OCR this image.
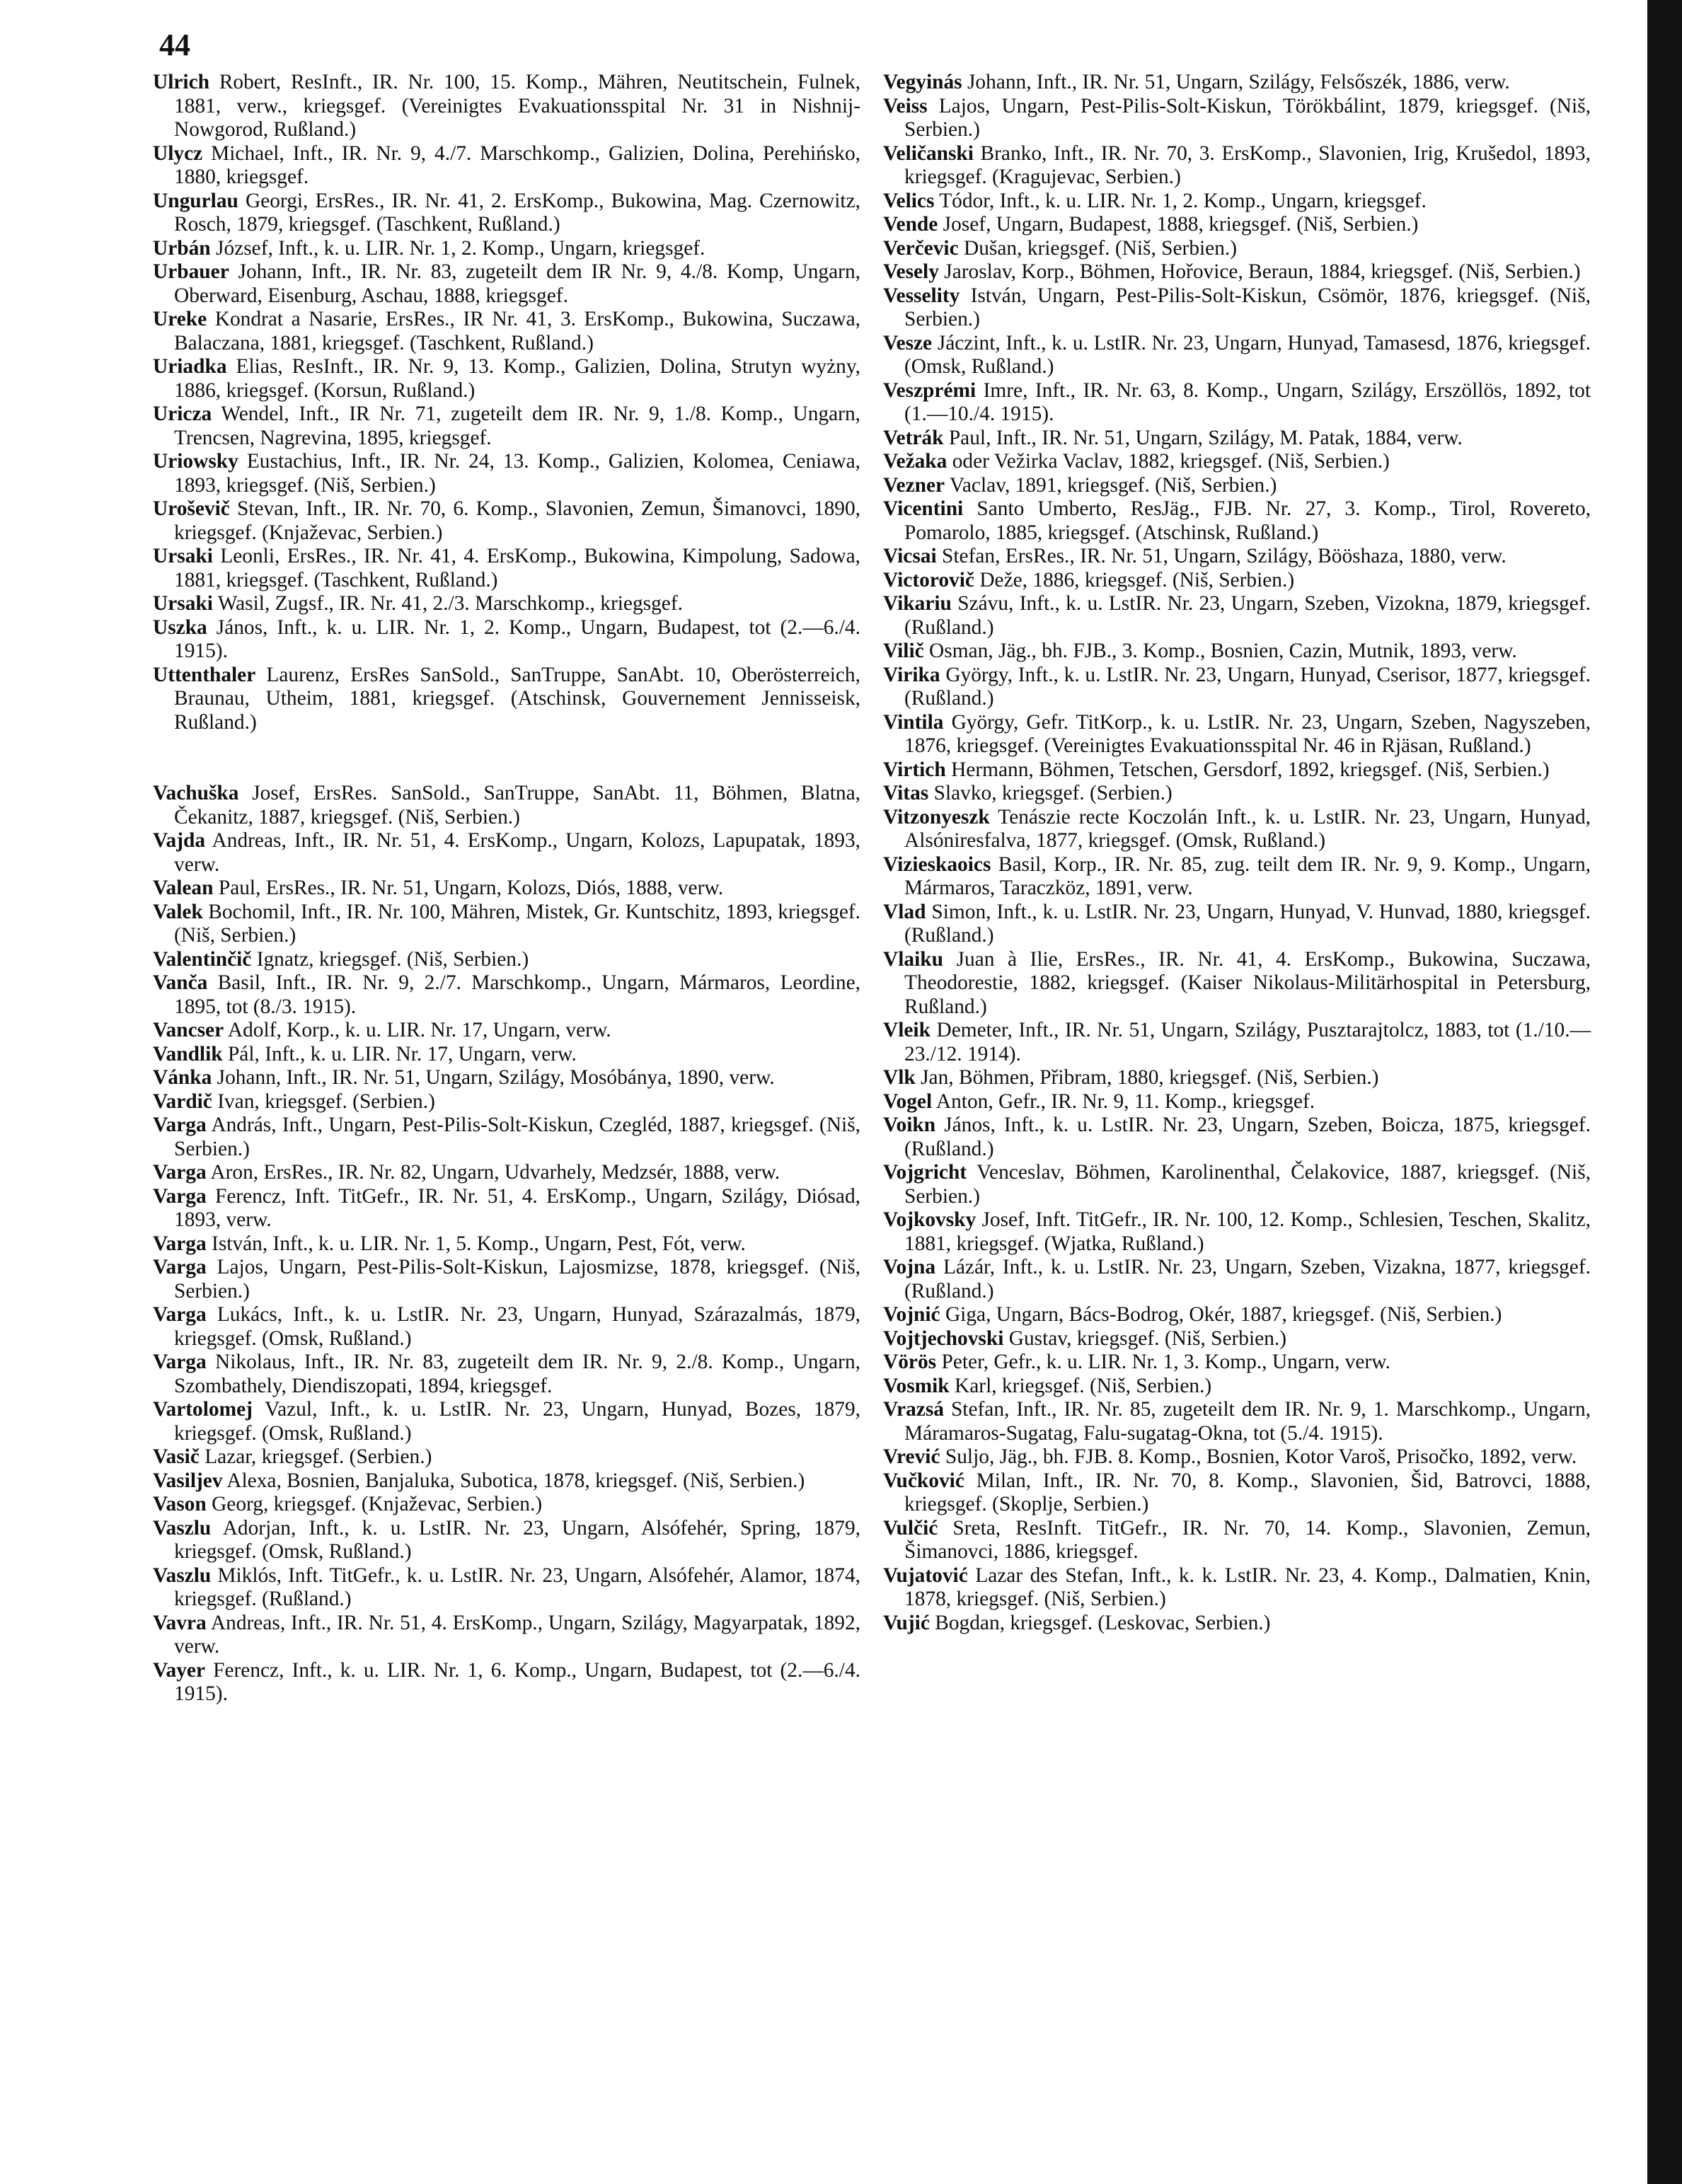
44

Ulrich Robert, ResInft., IR. Nr. 100, 15. Komp., Mähren, Neutitschein, Fulnek, 1881, verw., kriegsgef. (Vereinigtes Evakuationsspital Nr. 31 in Nishnij-Nowgorod, Rußland.)

Ulycz Michael, Inft., IR. Nr. 9, 4./7. Marschkomp., Galizien, Dolina, Perehińsko, 1880, kriegsgef.

Ungurlau Georgi, ErsRes., IR. Nr. 41, 2. ErsKomp., Bukowina, Mag. Czernowitz, Rosch, 1879, kriegsgef. (Taschkent, Rußland.)

Urbán József, Inft., k. u. LIR. Nr. 1, 2. Komp., Ungarn, kriegsgef.

Urbauer Johann, Inft., IR. Nr. 83, zugeteilt dem IR Nr. 9, 4./8. Komp, Ungarn, Oberward, Eisenburg, Aschau, 1888, kriegsgef.

Ureke Kondrat a Nasarie, ErsRes., IR Nr. 41, 3. ErsKomp., Bukowina, Suczawa, Balaczana, 1881, kriegsgef. (Taschkent, Rußland.)

Uriadka Elias, ResInft., IR. Nr. 9, 13. Komp., Galizien, Dolina, Strutyn wyżny, 1886, kriegsgef. (Korsun, Rußland.)

Uricza Wendel, Inft., IR Nr. 71, zugeteilt dem IR. Nr. 9, 1./8. Komp., Ungarn, Trencsen, Nagrevina, 1895, kriegsgef.

Uriowsky Eustachius, Inft., IR. Nr. 24, 13. Komp., Galizien, Kolomea, Ceniawa, 1893, kriegsgef. (Niš, Serbien.)

Uroševič Stevan, Inft., IR. Nr. 70, 6. Komp., Slavonien, Zemun, Šimanovci, 1890, kriegsgef. (Knjaževac, Serbien.)

Ursaki Leonli, ErsRes., IR. Nr. 41, 4. ErsKomp., Bukowina, Kimpolung, Sadowa, 1881, kriegsgef. (Taschkent, Rußland.)

Ursaki Wasil, Zugsf., IR. Nr. 41, 2./3. Marschkomp., kriegsgef.

Uszka János, Inft., k. u. LIR. Nr. 1, 2. Komp., Ungarn, Budapest, tot (2.—6./4. 1915).

Uttenthaler Laurenz, ErsRes SanSold., SanTruppe, SanAbt. 10, Oberösterreich, Braunau, Utheim, 1881, kriegsgef. (Atschinsk, Gouvernement Jennisseisk, Rußland.)

Vachuška Josef, ErsRes. SanSold., SanTruppe, SanAbt. 11, Böhmen, Blatna, Čekanitz, 1887, kriegsgef. (Niš, Serbien.)

Vajda Andreas, Inft., IR. Nr. 51, 4. ErsKomp., Ungarn, Kolozs, Lapupatak, 1893, verw.

Valean Paul, ErsRes., IR. Nr. 51, Ungarn, Kolozs, Diós, 1888, verw.

Valek Bochomil, Inft., IR. Nr. 100, Mähren, Mistek, Gr. Kuntschitz, 1893, kriegsgef. (Niš, Serbien.)

Valentinčič Ignatz, kriegsgef. (Niš, Serbien.)

Vanča Basil, Inft., IR. Nr. 9, 2./7. Marschkomp., Ungarn, Mármaros, Leordine, 1895, tot (8./3. 1915).

Vancser Adolf, Korp., k. u. LIR. Nr. 17, Ungarn, verw.

Vandlik Pál, Inft., k. u. LIR. Nr. 17, Ungarn, verw.

Vánka Johann, Inft., IR. Nr. 51, Ungarn, Szilágy, Mosóbánya, 1890, verw.

Vardič Ivan, kriegsgef. (Serbien.)

Varga András, Inft., Ungarn, Pest-Pilis-Solt-Kiskun, Czegléd, 1887, kriegsgef. (Niš, Serbien.)

Varga Aron, ErsRes., IR. Nr. 82, Ungarn, Udvarhely, Medzsér, 1888, verw.

Varga Ferencz, Inft. TitGefr., IR. Nr. 51, 4. ErsKomp., Ungarn, Szilágy, Diósad, 1893, verw.

Varga István, Inft., k. u. LIR. Nr. 1, 5. Komp., Ungarn, Pest, Fót, verw.

Varga Lajos, Ungarn, Pest-Pilis-Solt-Kiskun, Lajosmizse, 1878, kriegsgef. (Niš, Serbien.)

Varga Lukács, Inft., k. u. LstIR. Nr. 23, Ungarn, Hunyad, Szárazalmás, 1879, kriegsgef. (Omsk, Rußland.)

Varga Nikolaus, Inft., IR. Nr. 83, zugeteilt dem IR. Nr. 9, 2./8. Komp., Ungarn, Szombathely, Diendiszopati, 1894, kriegsgef.

Vartolomej Vazul, Inft., k. u. LstIR. Nr. 23, Ungarn, Hunyad, Bozes, 1879, kriegsgef. (Omsk, Rußland.)

Vasič Lazar, kriegsgef. (Serbien.)

Vasiljev Alexa, Bosnien, Banjaluka, Subotica, 1878, kriegsgef. (Niš, Serbien.)

Vason Georg, kriegsgef. (Knjaževac, Serbien.)

Vaszlu Adorjan, Inft., k. u. LstIR. Nr. 23, Ungarn, Alsófehér, Spring, 1879, kriegsgef. (Omsk, Rußland.)

Vaszlu Miklós, Inft. TitGefr., k. u. LstIR. Nr. 23, Ungarn, Alsófehér, Alamor, 1874, kriegsgef. (Rußland.)

Vavra Andreas, Inft., IR. Nr. 51, 4. ErsKomp., Ungarn, Szilágy, Magyarpatak, 1892, verw.

Vayer Ferencz, Inft., k. u. LIR. Nr. 1, 6. Komp., Ungarn, Budapest, tot (2.—6./4. 1915).

Vegyinás Johann, Inft., IR. Nr. 51, Ungarn, Szilágy, Felsőszék, 1886, verw.

Veiss Lajos, Ungarn, Pest-Pilis-Solt-Kiskun, Törökbálint, 1879, kriegsgef. (Niš, Serbien.)

Veličanski Branko, Inft., IR. Nr. 70, 3. ErsKomp., Slavonien, Irig, Krušedol, 1893, kriegsgef. (Kragujevac, Serbien.)

Velics Tódor, Inft., k. u. LIR. Nr. 1, 2. Komp., Ungarn, kriegsgef.

Vende Josef, Ungarn, Budapest, 1888, kriegsgef. (Niš, Serbien.)

Verčevic Dušan, kriegsgef. (Niš, Serbien.)

Vesely Jaroslav, Korp., Böhmen, Hořovice, Beraun, 1884, kriegsgef. (Niš, Serbien.)

Vesselity István, Ungarn, Pest-Pilis-Solt-Kiskun, Csömör, 1876, kriegsgef. (Niš, Serbien.)

Vesze Jáczint, Inft., k. u. LstIR. Nr. 23, Ungarn, Hunyad, Tamasesd, 1876, kriegsgef. (Omsk, Rußland.)

Veszprémi Imre, Inft., IR. Nr. 63, 8. Komp., Ungarn, Szilágy, Erszöllös, 1892, tot (1.—10./4. 1915).

Vetrák Paul, Inft., IR. Nr. 51, Ungarn, Szilágy, M. Patak, 1884, verw.

Vežaka oder Vežirka Vaclav, 1882, kriegsgef. (Niš, Serbien.)

Vezner Vaclav, 1891, kriegsgef. (Niš, Serbien.)

Vicentini Santo Umberto, ResJäg., FJB. Nr. 27, 3. Komp., Tirol, Rovereto, Pomarolo, 1885, kriegsgef. (Atschinsk, Rußland.)

Vicsai Stefan, ErsRes., IR. Nr. 51, Ungarn, Szilágy, Bööshaza, 1880, verw.

Victorovič Deže, 1886, kriegsgef. (Niš, Serbien.)

Vikariu Szávu, Inft., k. u. LstIR. Nr. 23, Ungarn, Szeben, Vizokna, 1879, kriegsgef. (Rußland.)

Vilič Osman, Jäg., bh. FJB., 3. Komp., Bosnien, Cazin, Mutnik, 1893, verw.

Virika György, Inft., k. u. LstIR. Nr. 23, Ungarn, Hunyad, Cserisor, 1877, kriegsgef. (Rußland.)

Vintila György, Gefr. TitKorp., k. u. LstIR. Nr. 23, Ungarn, Szeben, Nagyszeben, 1876, kriegsgef. (Vereinigtes Evakuationsspital Nr. 46 in Rjäsan, Rußland.)

Virtich Hermann, Böhmen, Tetschen, Gersdorf, 1892, kriegsgef. (Niš, Serbien.)

Vitas Slavko, kriegsgef. (Serbien.)

Vitzonyeszk Tenászie recte Koczolán Inft., k. u. LstIR. Nr. 23, Ungarn, Hunyad, Alsóniresfalva, 1877, kriegsgef. (Omsk, Rußland.)

Vizieskaoics Basil, Korp., IR. Nr. 85, zug. teilt dem IR. Nr. 9, 9. Komp., Ungarn, Mármaros, Taraczköz, 1891, verw.

Vlad Simon, Inft., k. u. LstIR. Nr. 23, Ungarn, Hunyad, V. Hunvad, 1880, kriegsgef. (Rußland.)

Vlaiku Juan à Ilie, ErsRes., IR. Nr. 41, 4. ErsKomp., Bukowina, Suczawa, Theodorestie, 1882, kriegsgef. (Kaiser Nikolaus-Militärhospital in Petersburg, Rußland.)

Vleik Demeter, Inft., IR. Nr. 51, Ungarn, Szilágy, Pusztarajtolcz, 1883, tot (1./10.—23./12. 1914).

Vlk Jan, Böhmen, Přibram, 1880, kriegsgef. (Niš, Serbien.)

Vogel Anton, Gefr., IR. Nr. 9, 11. Komp., kriegsgef.

Voikn János, Inft., k. u. LstIR. Nr. 23, Ungarn, Szeben, Boicza, 1875, kriegsgef. (Rußland.)

Vojgricht Venceslav, Böhmen, Karolinenthal, Čelakovice, 1887, kriegsgef. (Niš, Serbien.)

Vojkovsky Josef, Inft. TitGefr., IR. Nr. 100, 12. Komp., Schlesien, Teschen, Skalitz, 1881, kriegsgef. (Wjatka, Rußland.)

Vojna Lázár, Inft., k. u. LstIR. Nr. 23, Ungarn, Szeben, Vizakna, 1877, kriegsgef. (Rußland.)

Vojnić Giga, Ungarn, Bács-Bodrog, Okér, 1887, kriegsgef. (Niš, Serbien.)

Vojtjechovski Gustav, kriegsgef. (Niš, Serbien.)

Vörös Peter, Gefr., k. u. LIR. Nr. 1, 3. Komp., Ungarn, verw.

Vosmik Karl, kriegsgef. (Niš, Serbien.)

Vrazsá Stefan, Inft., IR. Nr. 85, zugeteilt dem IR. Nr. 9, 1. Marschkomp., Ungarn, Máramaros-Sugatag, Falu-sugatag-Okna, tot (5./4. 1915).

Vrević Suljo, Jäg., bh. FJB. 8. Komp., Bosnien, Kotor Varoš, Prisočko, 1892, verw.

Vučković Milan, Inft., IR. Nr. 70, 8. Komp., Slavonien, Šid, Batrovci, 1888, kriegsgef. (Skoplje, Serbien.)

Vulčić Sreta, ResInft. TitGefr., IR. Nr. 70, 14. Komp., Slavonien, Zemun, Šimanovci, 1886, kriegsgef.

Vujatović Lazar des Stefan, Inft., k. k. LstIR. Nr. 23, 4. Komp., Dalmatien, Knin, 1878, kriegsgef. (Niš, Serbien.)

Vujić Bogdan, kriegsgef. (Leskovac, Serbien.)
